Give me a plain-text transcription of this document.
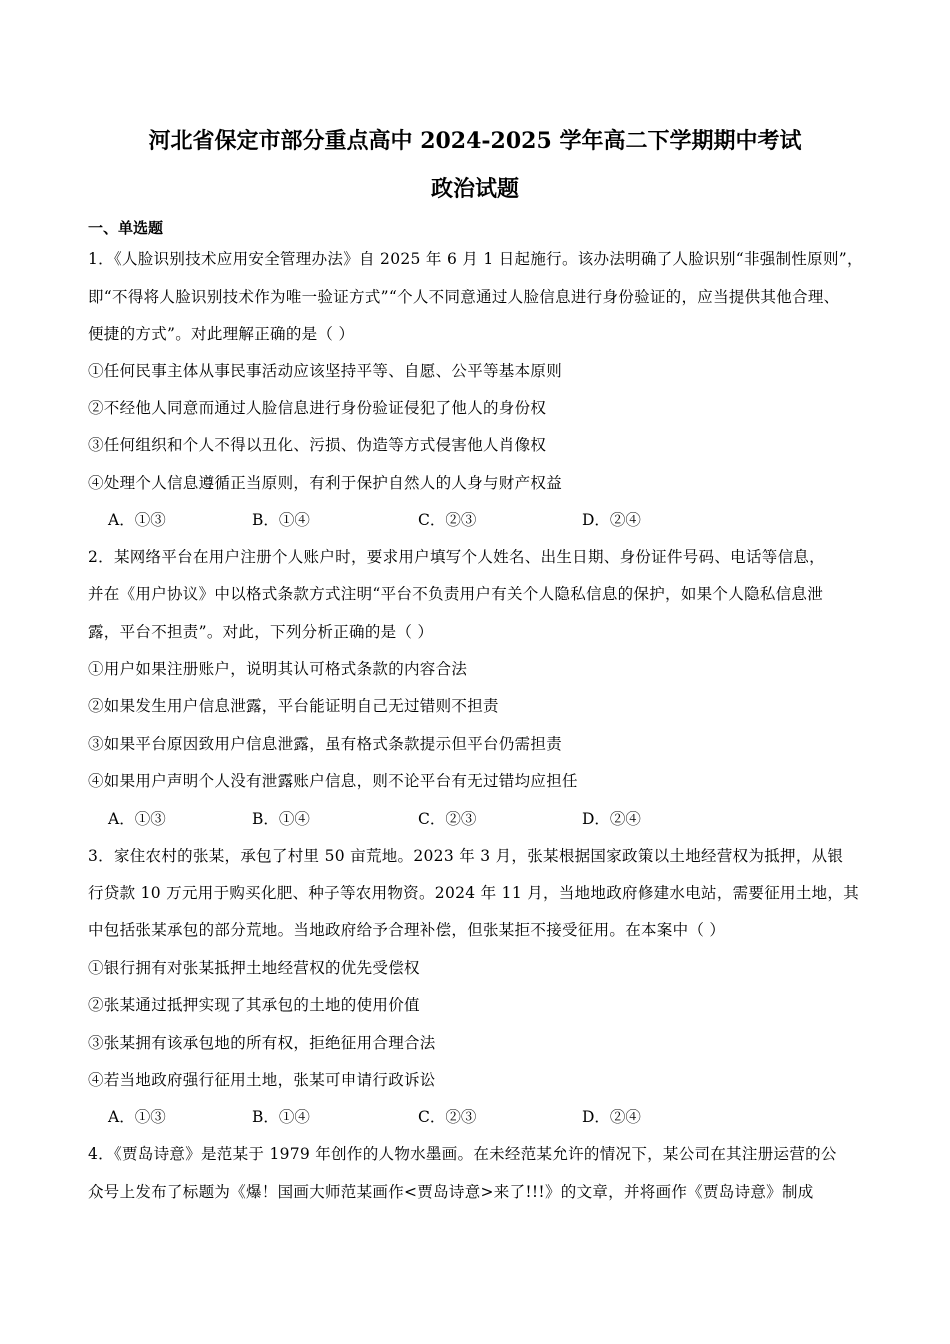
河北省保定市部分重点高中 2024-2025 学年高二下学期期中考试
政治试题
一、单选题
1．《人脸识别技术应用安全管理办法》自 2025 年 6 月 1 日起施行。该办法明确了人脸识别“非强制性原则”，
即“不得将人脸识别技术作为唯一验证方式”“个人不同意通过人脸信息进行身份验证的，应当提供其他合理、
便捷的方式”。对此理解正确的是（ ）
①任何民事主体从事民事活动应该坚持平等、自愿、公平等基本原则
②不经他人同意而通过人脸信息进行身份验证侵犯了他人的身份权
③任何组织和个人不得以丑化、污损、伪造等方式侵害他人肖像权
④处理个人信息遵循正当原则，有利于保护自然人的人身与财产权益
A．①③	B．①④	C．②③	D．②④
2．某网络平台在用户注册个人账户时，要求用户填写个人姓名、出生日期、身份证件号码、电话等信息，
并在《用户协议》中以格式条款方式注明“平台不负责用户有关个人隐私信息的保护，如果个人隐私信息泄
露，平台不担责”。对此，下列分析正确的是（ ）
①用户如果注册账户，说明其认可格式条款的内容合法
②如果发生用户信息泄露，平台能证明自己无过错则不担责
③如果平台原因致用户信息泄露，虽有格式条款提示但平台仍需担责
④如果用户声明个人没有泄露账户信息，则不论平台有无过错均应担任
A．①③	B．①④	C．②③	D．②④
3．家住农村的张某，承包了村里 50 亩荒地。2023 年 3 月，张某根据国家政策以土地经营权为抵押，从银
行贷款 10 万元用于购买化肥、种子等农用物资。2024 年 11 月，当地地政府修建水电站，需要征用土地，其
中包括张某承包的部分荒地。当地政府给予合理补偿，但张某拒不接受征用。在本案中（ ）
①银行拥有对张某抵押土地经营权的优先受偿权
②张某通过抵押实现了其承包的土地的使用价值
③张某拥有该承包地的所有权，拒绝征用合理合法
④若当地政府强行征用土地，张某可申请行政诉讼
A．①③	B．①④	C．②③	D．②④
4．《贾岛诗意》是范某于 1979 年创作的人物水墨画。在未经范某允许的情况下，某公司在其注册运营的公
众号上发布了标题为《爆！国画大师范某画作<贾岛诗意>来了!!!》的文章，并将画作《贾岛诗意》制成
